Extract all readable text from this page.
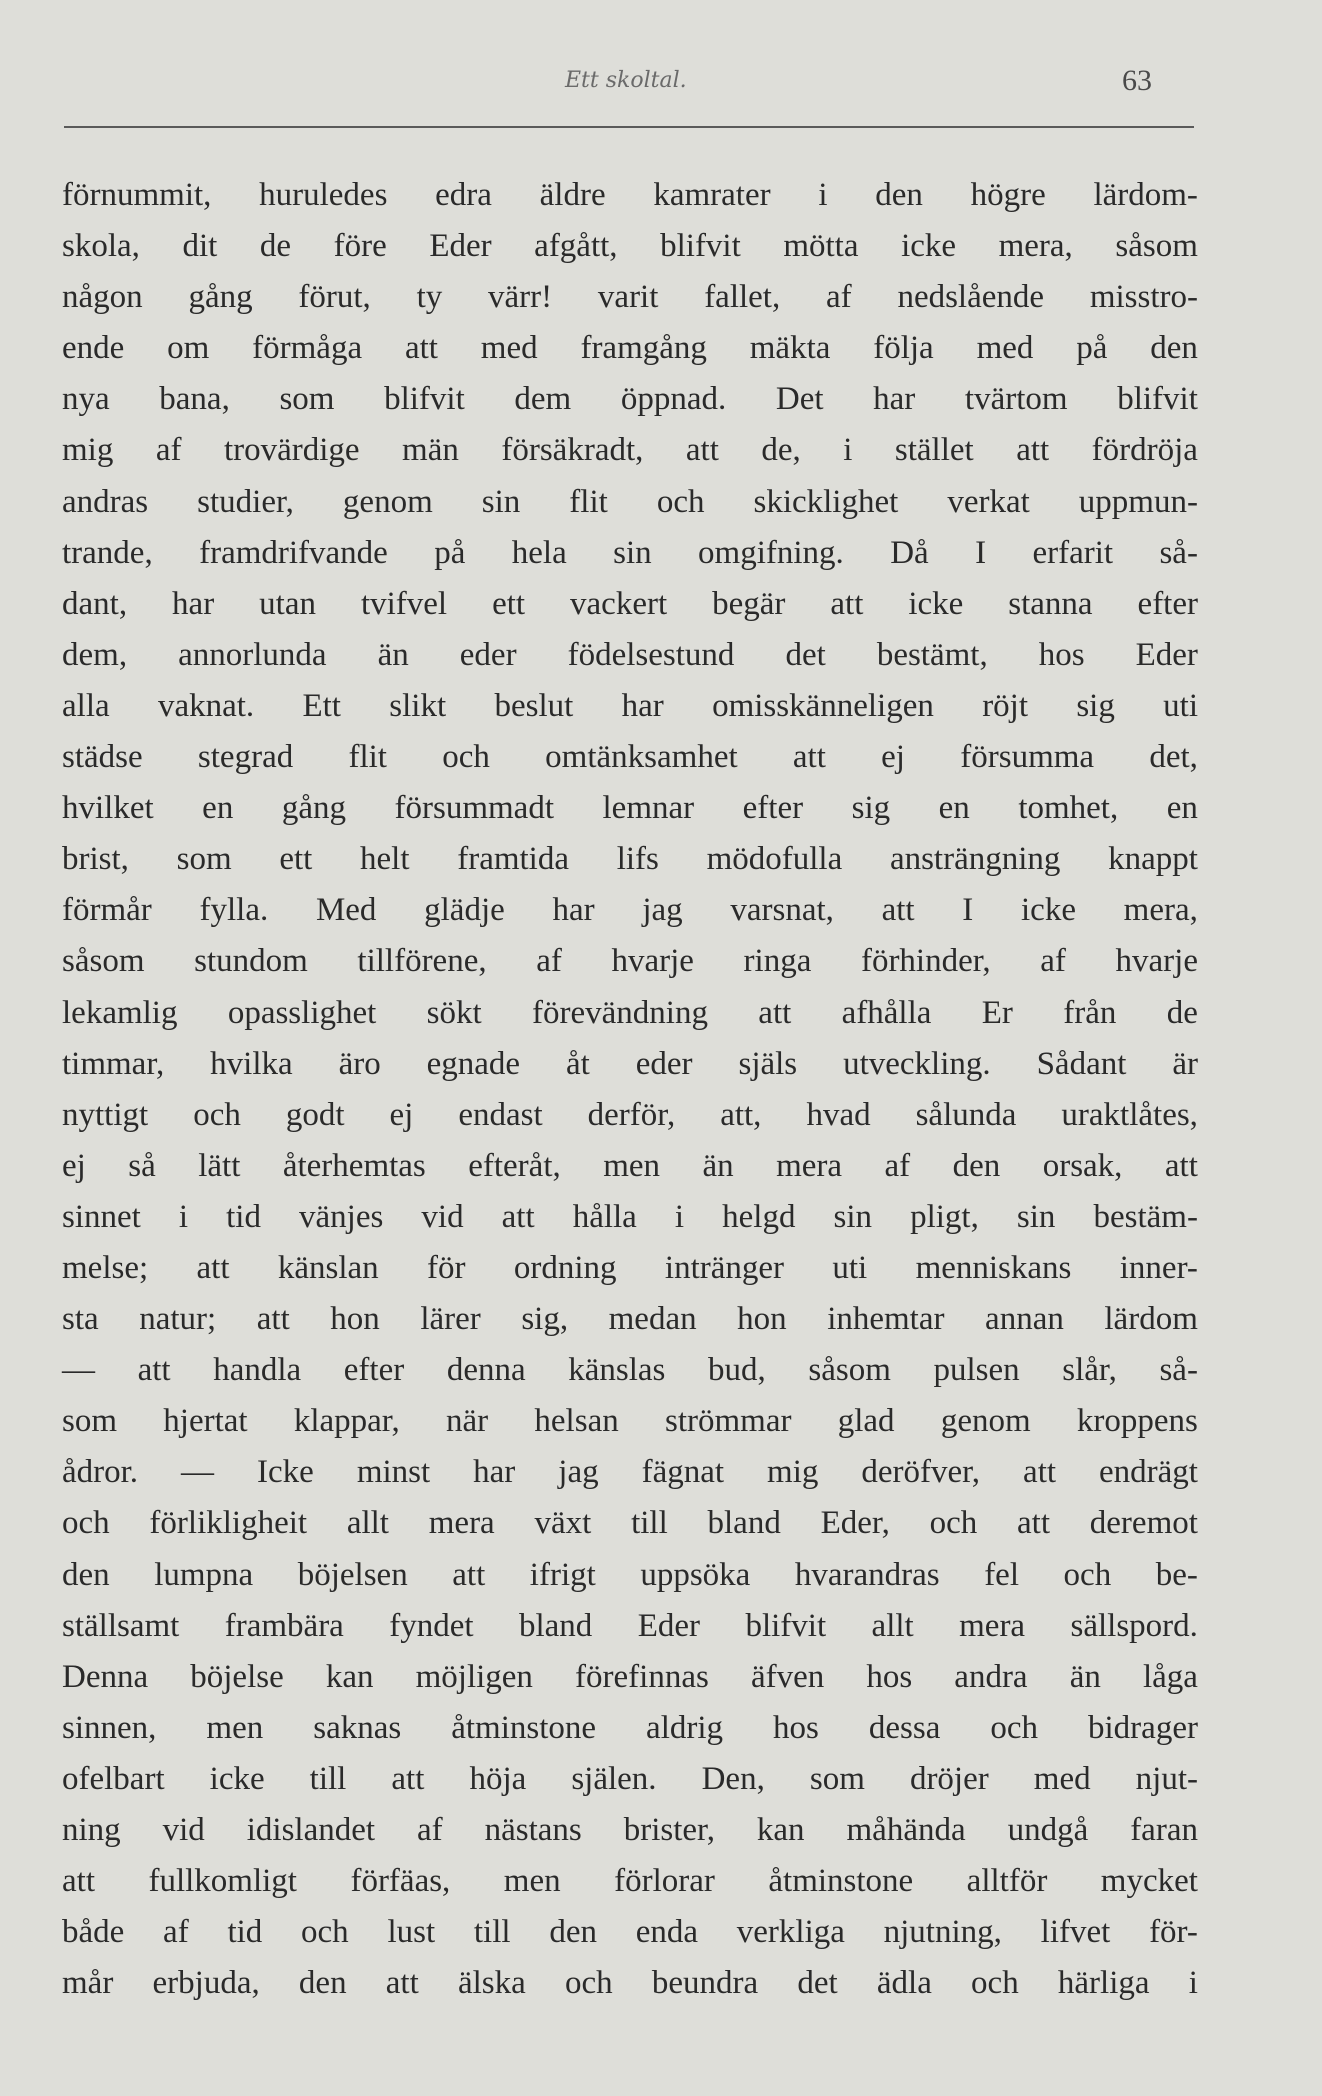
Ett skoltal.	63
förnummit, huruledes edra äldre kamrater i den högre lärdom-
skola, dit de före Eder afgått, blifvit mötta icke mera, såsom
någon gång förut, ty värr! varit fallet, af nedslående misstro-
ende om förmåga att med framgång mäkta följa med på den
nya bana, som blifvit dem öppnad. Det har tvärtom blifvit
mig af trovärdige män försäkradt, att de, i stället att fördröja
andras studier, genom sin flit och skicklighet verkat uppmun-
trande, framdrifvande på hela sin omgifning. Då I erfarit så-
dant, har utan tvifvel ett vackert begär att icke stanna efter
dem, annorlunda än eder födelsestund det bestämt, hos Eder
alla vaknat. Ett slikt beslut har omisskänneligen röjt sig uti
städse stegrad flit och omtänksamhet att ej försumma det,
hvilket en gång försummadt lemnar efter sig en tomhet, en
brist, som ett helt framtida lifs mödofulla ansträngning knappt
förmår fylla. Med glädje har jag varsnat, att I icke mera,
såsom stundom tillförene, af hvarje ringa förhinder, af hvarje
lekamlig opasslighet sökt förevändning att afhålla Er från de
timmar, hvilka äro egnade åt eder själs utveckling. Sådant är
nyttigt och godt ej endast derför, att, hvad sålunda uraktlåtes,
ej så lätt återhemtas efteråt, men än mera af den orsak, att
sinnet i tid vänjes vid att hålla i helgd sin pligt, sin bestäm-
melse; att känslan för ordning intränger uti menniskans inner-
sta natur; att hon lärer sig, medan hon inhemtar annan lärdom
— att handla efter denna känslas bud, såsom pulsen slår, så-
som hjertat klappar, när helsan strömmar glad genom kroppens
ådror. — Icke minst har jag fägnat mig deröfver, att endrägt
och förlikligheit allt mera växt till bland Eder, och att deremot
den lumpna böjelsen att ifrigt uppsöka hvarandras fel och be-
ställsamt frambära fyndet bland Eder blifvit allt mera sällspord.
Denna böjelse kan möjligen förefinnas äfven hos andra än låga
sinnen, men saknas åtminstone aldrig hos dessa och bidrager
ofelbart icke till att höja själen. Den, som dröjer med njut-
ning vid idislandet af nästans brister, kan måhända undgå faran
att fullkomligt förfäas, men förlorar åtminstone alltför mycket
både af tid och lust till den enda verkliga njutning, lifvet för-
mår erbjuda, den att älska och beundra det ädla och härliga i
